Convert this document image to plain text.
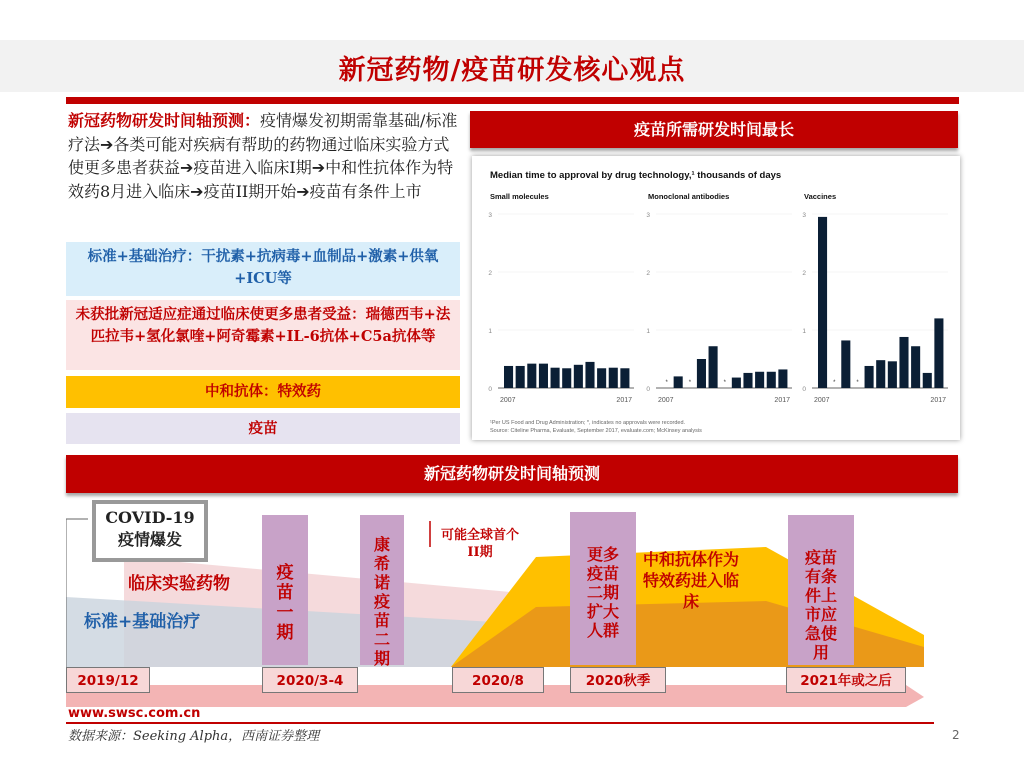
新冠药物/疫苗研发核心观点
新冠药物研发时间轴预测：疫情爆发初期需靠基础/标准疗法➔各类可能对疾病有帮助的药物通过临床实验方式使更多患者获益➔疫苗进入临床I期➔中和性抗体作为特效药8月进入临床➔疫苗II期开始➔疫苗有条件上市
标准+基础治疗：干扰素+抗病毒+血制品+激素+供氧+ICU等
未获批新冠适应症通过临床使更多患者受益：瑞德西韦+法匹拉韦+氢化氯喹+阿奇霉素+IL-6抗体+C5a抗体等
中和抗体：特效药
疫苗
疫苗所需研发时间最长
Median time to approval by drug technology,¹ thousands of days
Small molecules
0
1
2
3
2007	2017
Monoclonal antibodies
0
1
2
3
*	*	*
2007	2017
Vaccines
0
1
2
3
*	*
2007	2017
¹Per US Food and Drug Administration; *, indicates no approvals were recorded.
Source: Citeline Pharma, Evaluate, September 2017, evaluate.com; McKinsey analysis
新冠药物研发时间轴预测
COVID-19
疫情爆发
临床实验药物
标准+基础治疗
疫苗一期
康希诺疫苗二期
可能全球首个II期	更多疫苗二期扩大人群
中和抗体作为特效药进入临床
疫苗有条件上市应急使用
2019/12	2020/3-4	2020/8	2020秋季	2021年或之后
www.swsc.com.cn
数据来源：Seeking Alpha，西南证券整理	2
